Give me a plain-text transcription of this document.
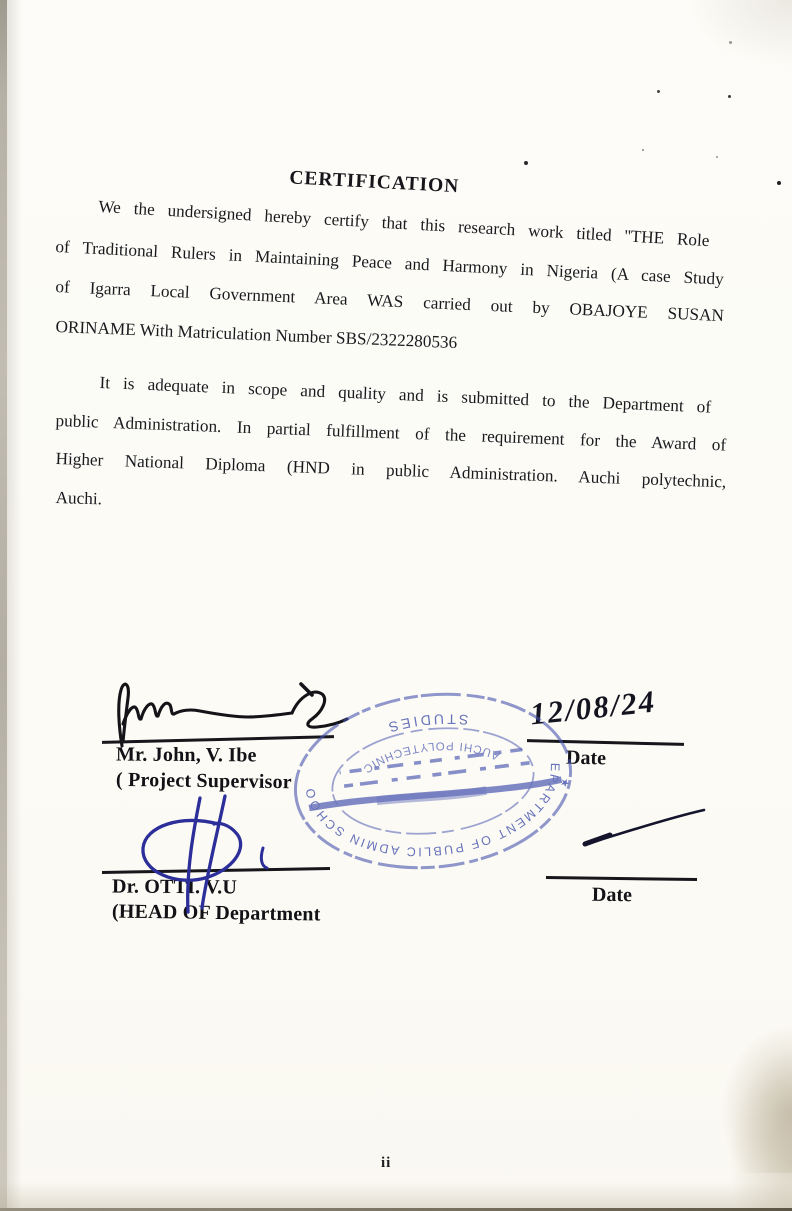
CERTIFICATION
We the undersigned hereby certify that this research work titled ''THE Role
of Traditional Rulers in Maintaining Peace and Harmony in Nigeria (A case Study
of Igarra Local Government Area WAS carried out by OBAJOYE SUSAN
ORINAME With Matriculation Number SBS/2322280536
It is adequate in scope and quality and is submitted to the Department of
public Administration. In partial fulfillment of the requirement for the Award of
Higher National Diploma (HND in public Administration. Auchi polytechnic,
Auchi.
Mr. John, V. Ibe
( Project Supervisor
12/08/24
Date
DEPARTMENT OF PUBLIC ADMIN SCHOOL
STUDIES
AUCHI POLYTECHNIC
★
Dr. OTTI. V.U
(HEAD OF Department
Date
ii
